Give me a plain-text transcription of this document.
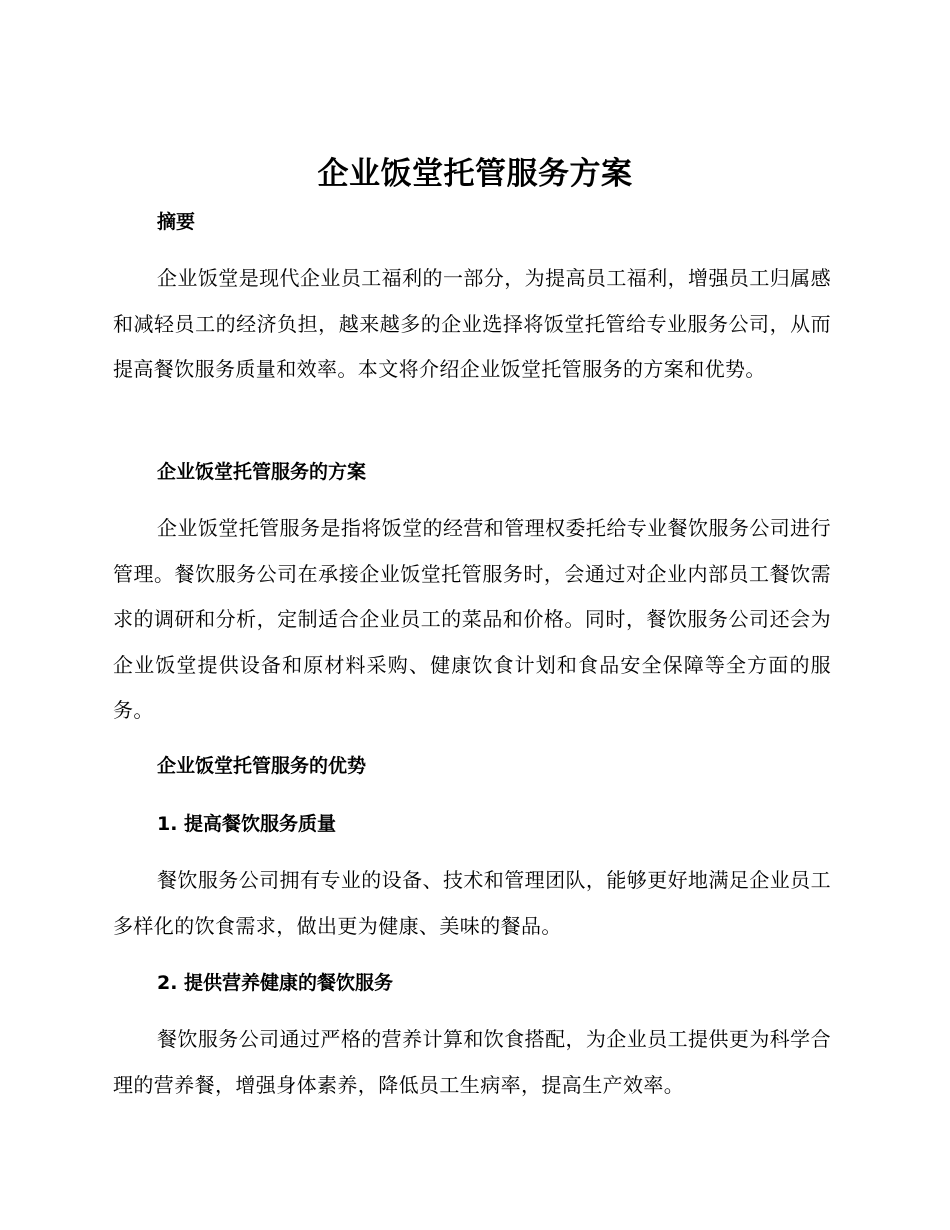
企业饭堂托管服务方案
摘要

企业饭堂是现代企业员工福利的一部分，为提高员工福利，增强员工归属感和减轻员工的经济负担，越来越多的企业选择将饭堂托管给专业服务公司，从而提高餐饮服务质量和效率。本文将介绍企业饭堂托管服务的方案和优势。

企业饭堂托管服务的方案

企业饭堂托管服务是指将饭堂的经营和管理权委托给专业餐饮服务公司进行管理。餐饮服务公司在承接企业饭堂托管服务时，会通过对企业内部员工餐饮需求的调研和分析，定制适合企业员工的菜品和价格。同时，餐饮服务公司还会为企业饭堂提供设备和原材料采购、健康饮食计划和食品安全保障等全方面的服务。

企业饭堂托管服务的优势
1. 提高餐饮服务质量

餐饮服务公司拥有专业的设备、技术和管理团队，能够更好地满足企业员工多样化的饮食需求，做出更为健康、美味的餐品。

2. 提供营养健康的餐饮服务

餐饮服务公司通过严格的营养计算和饮食搭配，为企业员工提供更为科学合理的营养餐，增强身体素养，降低员工生病率，提高生产效率。
